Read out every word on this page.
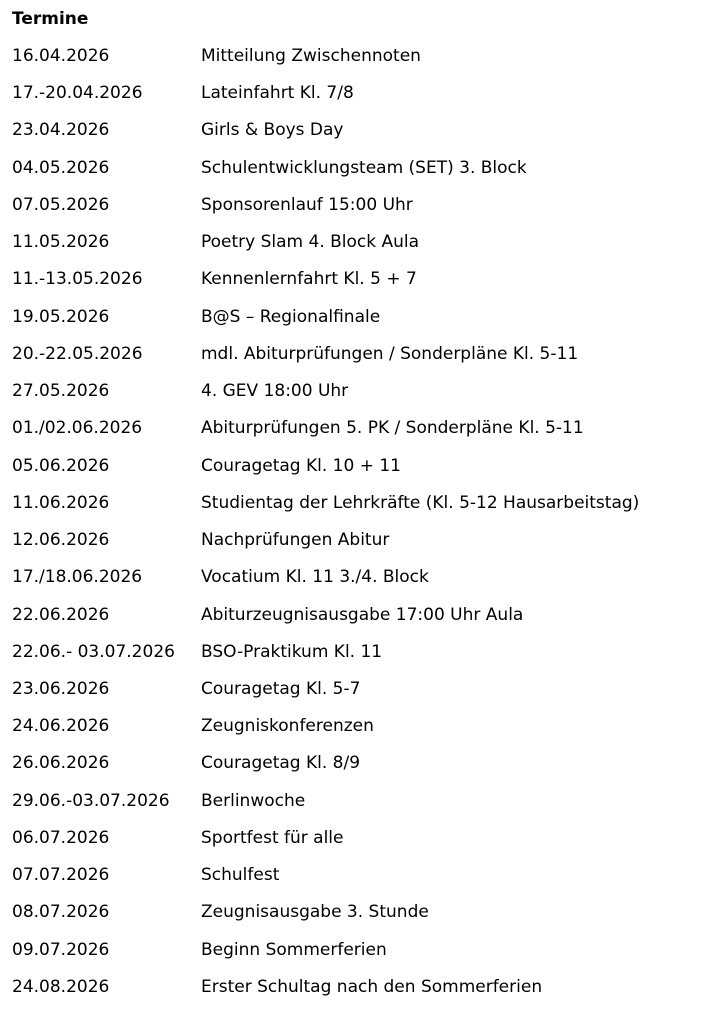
Termine
16.04.2026	Mitteilung Zwischennoten
17.-20.04.2026	Lateinfahrt Kl. 7/8
23.04.2026	Girls & Boys Day
04.05.2026	Schulentwicklungsteam (SET) 3. Block
07.05.2026	Sponsorenlauf 15:00 Uhr
11.05.2026	Poetry Slam 4. Block Aula
11.-13.05.2026	Kennenlernfahrt Kl. 5 + 7
19.05.2026	B@S – Regionalfinale
20.-22.05.2026	mdl. Abiturprüfungen / Sonderpläne Kl. 5-11
27.05.2026	4. GEV 18:00 Uhr
01./02.06.2026	Abiturprüfungen 5. PK / Sonderpläne Kl. 5-11
05.06.2026	Couragetag Kl. 10 + 11
11.06.2026	Studientag der Lehrkräfte (Kl. 5-12 Hausarbeitstag)
12.06.2026	Nachprüfungen Abitur
17./18.06.2026	Vocatium Kl. 11 3./4. Block
22.06.2026	Abiturzeugnisausgabe 17:00 Uhr Aula
22.06.- 03.07.2026	BSO-Praktikum Kl. 11
23.06.2026	Couragetag Kl. 5-7
24.06.2026	Zeugniskonferenzen
26.06.2026	Couragetag Kl. 8/9
29.06.-03.07.2026	Berlinwoche
06.07.2026	Sportfest für alle
07.07.2026	Schulfest
08.07.2026	Zeugnisausgabe 3. Stunde
09.07.2026	Beginn Sommerferien
24.08.2026	Erster Schultag nach den Sommerferien
